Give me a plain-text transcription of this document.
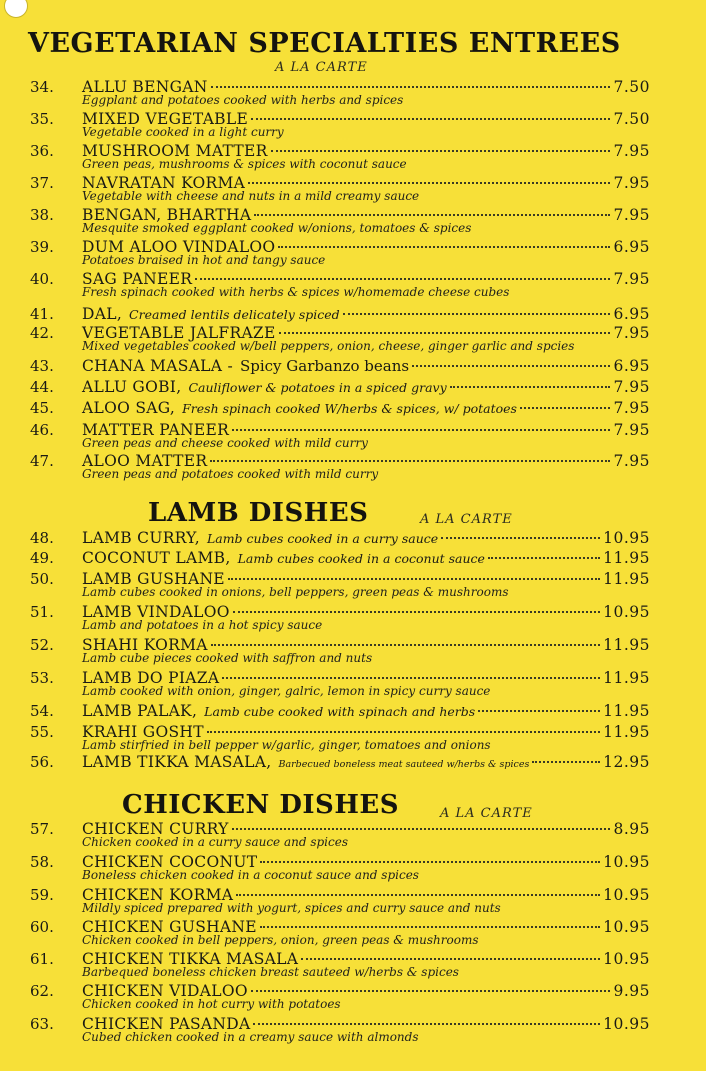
VEGETARIAN SPECIALTIES ENTREES
A LA CARTE
34.	ALLU BENGAN	7.50
Eggplant and potatoes cooked with herbs and spices
35.	MIXED VEGETABLE	7.50
Vegetable cooked in a light curry
36.	MUSHROOM MATTER	7.95
Green peas, mushrooms & spices with coconut sauce
37.	NAVRATAN KORMA	7.95
Vegetable with cheese and nuts in a mild creamy sauce
38.	BENGAN, BHARTHA	7.95
Mesquite smoked eggplant cooked w/onions, tomatoes & spices
39.	DUM ALOO VINDALOO	6.95
Potatoes braised in hot and tangy sauce
40.	SAG PANEER	7.95
Fresh spinach cooked with herbs & spices w/homemade cheese cubes
41.	DAL, Creamed lentils delicately spiced	6.95
42.	VEGETABLE JALFRAZE	7.95
Mixed vegetables cooked w/bell peppers, onion, cheese, ginger garlic and spcies
43.	CHANA MASALA - Spicy Garbanzo beans	6.95
44.	ALLU GOBI, Cauliflower & potatoes in a spiced gravy	7.95
45.	ALOO SAG, Fresh spinach cooked W/herbs & spices, w/ potatoes	7.95
46.	MATTER PANEER	7.95
Green peas and cheese cooked with mild curry
47.	ALOO MATTER	7.95
Green peas and potatoes cooked with mild curry
LAMB DISHES	A LA CARTE
48.	LAMB CURRY, Lamb cubes cooked in a curry sauce	10.95
49.	COCONUT LAMB, Lamb cubes cooked in a coconut sauce	11.95
50.	LAMB GUSHANE	11.95
Lamb cubes cooked in onions, bell peppers, green peas & mushrooms
51.	LAMB VINDALOO	10.95
Lamb and potatoes in a hot spicy sauce
52.	SHAHI KORMA	11.95
Lamb cube pieces cooked with saffron and nuts
53.	LAMB DO PIAZA	11.95
Lamb cooked with onion, ginger, galric, lemon in spicy curry sauce
54.	LAMB PALAK, Lamb cube cooked with spinach and herbs	11.95
55.	KRAHI GOSHT	11.95
Lamb stirfried in bell pepper w/garlic, ginger, tomatoes and onions
56.	LAMB TIKKA MASALA, Barbecued boneless meat sauteed w/herbs & spices	12.95
CHICKEN DISHES	A LA CARTE
57.	CHICKEN CURRY	8.95
Chicken cooked in a curry sauce and spices
58.	CHICKEN COCONUT	10.95
Boneless chicken cooked in a coconut sauce and spices
59.	CHICKEN KORMA	10.95
Mildly spiced prepared with yogurt, spices and curry sauce and nuts
60.	CHICKEN GUSHANE	10.95
Chicken cooked in bell peppers, onion, green peas & mushrooms
61.	CHICKEN TIKKA MASALA	10.95
Barbequed boneless chicken breast sauteed w/herbs & spices
62.	CHICKEN VIDALOO	9.95
Chicken cooked in hot curry with potatoes
63.	CHICKEN PASANDA	10.95
Cubed chicken cooked in a creamy sauce with almonds
